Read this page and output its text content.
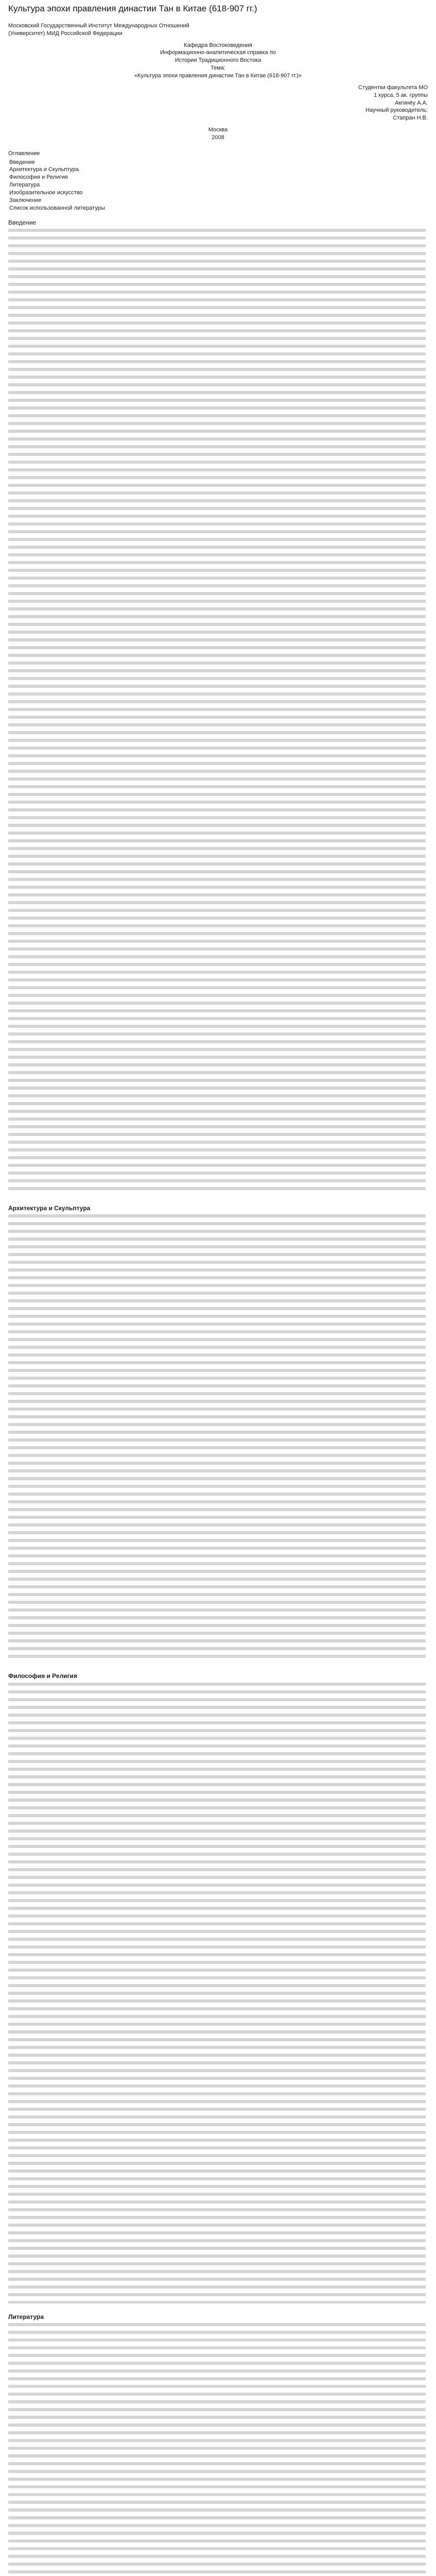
Культура эпохи правления династии Тан в Китае (618-907 гг.)
Московский Государственный Институт Международных Отношений
(Университет) МИД Российской Федерации
Кафедра Востоковедения
Информационно-аналитическая справка по
Истории Традиционного Востока
Тема:
«Культура эпохи правления династии Тан в Китае (618-907 гг.)»
Студентки факультета МО
1 курса, 5 ак. группы
Акгинёу А.А.
Научный руководитель:
Стапран Н.В.
Москва
2008
Оглавление
Введение
Архитектура и Скульптура
Философия и Религия
Литература
Изобразительное искусство
Заключение
Список использованной литературы
Введение
Архитектура и Скульптура
Философия и Религия
Литература
